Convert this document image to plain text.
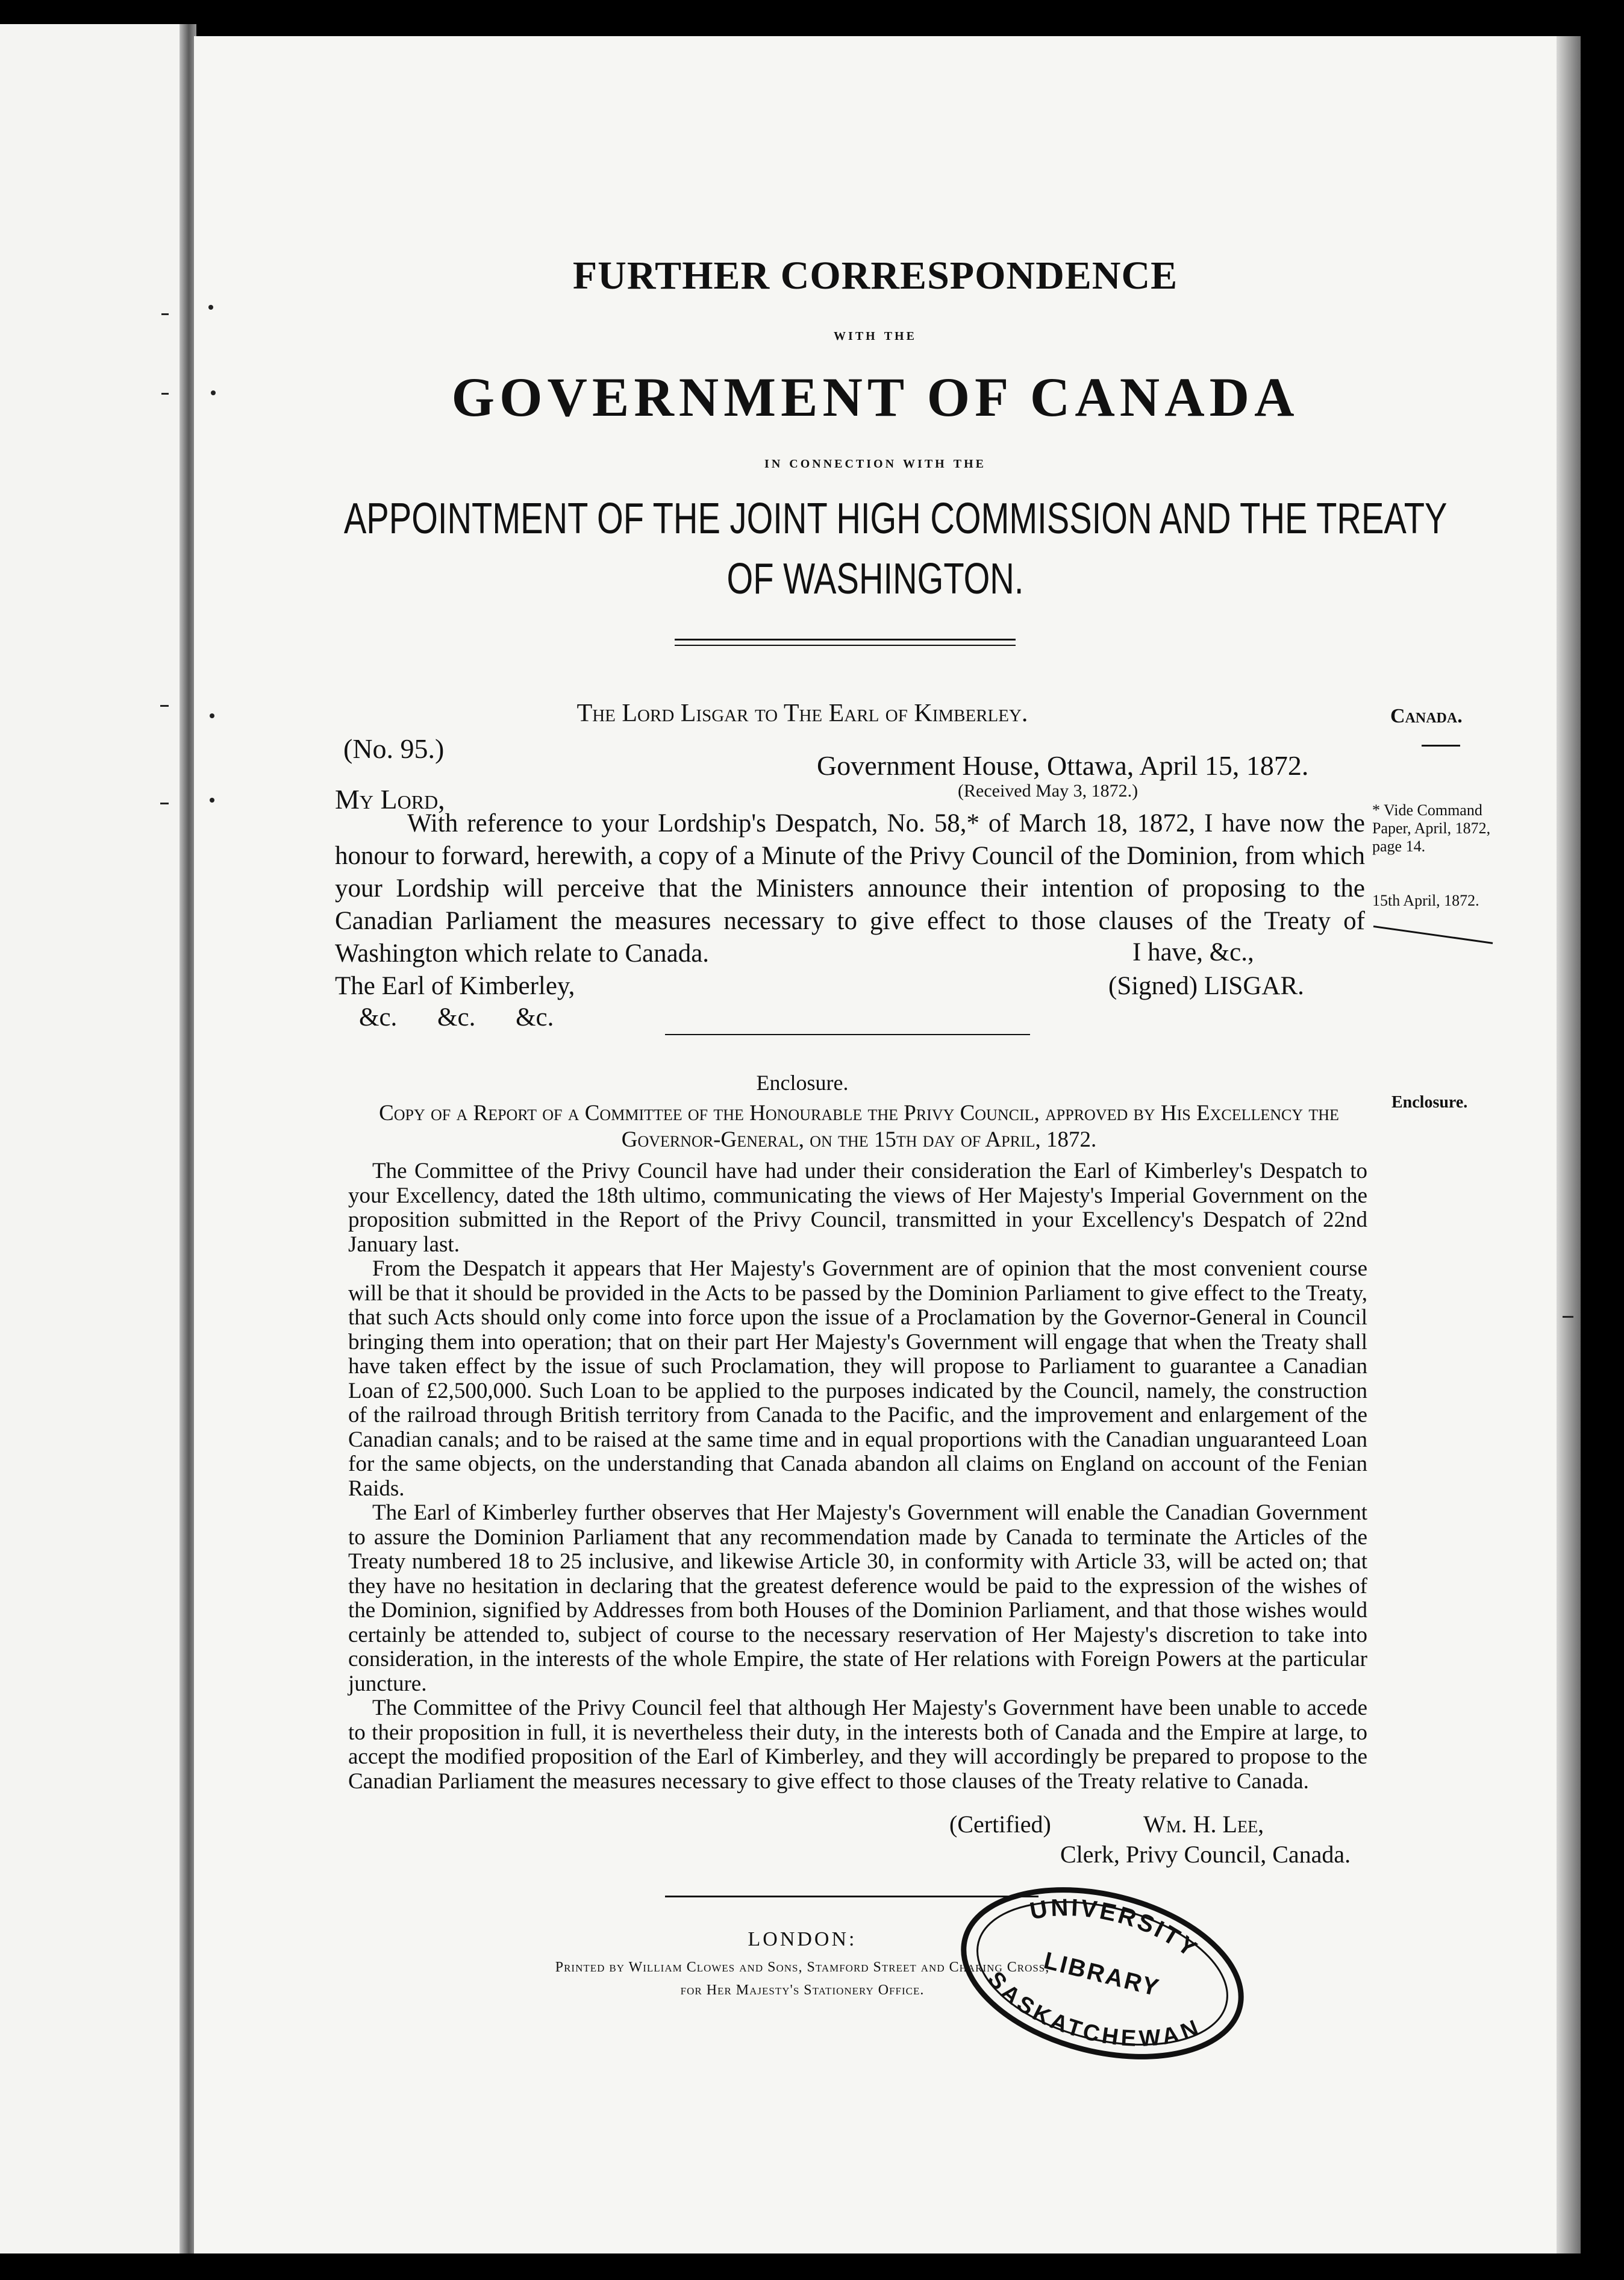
FURTHER CORRESPONDENCE
with the
GOVERNMENT OF CANADA
in connection with the
APPOINTMENT OF THE JOINT HIGH COMMISSION AND THE TREATY
OF WASHINGTON.
The Lord Lisgar to The Earl of Kimberley.	Canada.
(No. 95.)
Government House, Ottawa, April 15, 1872.
(Received May 3, 1872.)
My Lord,
With reference to your Lordship's Despatch, No. 58,* of March 18, 1872, I have now the honour to forward, herewith, a copy of a Minute of the Privy Council of the Dominion, from which your Lordship will perceive that the Ministers announce their intention of proposing to the Canadian Parliament the measures necessary to give effect to those clauses of the Treaty of Washington which relate to Canada.
* Vide Command Paper, April, 1872, page 14.
15th April, 1872.
I have, &c.,
The Earl of Kimberley,	(Signed) LISGAR.
&c. &c. &c.
Enclosure.
Enclosure.
Copy of a Report of a Committee of the Honourable the Privy Council, approved by His Excellency the Governor-General, on the 15th day of April, 1872.

The Committee of the Privy Council have had under their consideration the Earl of Kimberley's Despatch to your Excellency, dated the 18th ultimo, communicating the views of Her Majesty's Imperial Government on the proposition submitted in the Report of the Privy Council, transmitted in your Excellency's Despatch of 22nd January last.

From the Despatch it appears that Her Majesty's Government are of opinion that the most convenient course will be that it should be provided in the Acts to be passed by the Dominion Parliament to give effect to the Treaty, that such Acts should only come into force upon the issue of a Proclamation by the Governor-General in Council bringing them into operation; that on their part Her Majesty's Government will engage that when the Treaty shall have taken effect by the issue of such Proclamation, they will propose to Parliament to guarantee a Canadian Loan of £2,500,000. Such Loan to be applied to the purposes indicated by the Council, namely, the construction of the railroad through British territory from Canada to the Pacific, and the improvement and enlargement of the Canadian canals; and to be raised at the same time and in equal proportions with the Canadian unguaranteed Loan for the same objects, on the understanding that Canada abandon all claims on England on account of the Fenian Raids.

The Earl of Kimberley further observes that Her Majesty's Government will enable the Canadian Government to assure the Dominion Parliament that any recommendation made by Canada to terminate the Articles of the Treaty numbered 18 to 25 inclusive, and likewise Article 30, in conformity with Article 33, will be acted on; that they have no hesitation in declaring that the greatest deference would be paid to the expression of the wishes of the Dominion, signified by Addresses from both Houses of the Dominion Parliament, and that those wishes would certainly be attended to, subject of course to the necessary reservation of Her Majesty's discretion to take into consideration, in the interests of the whole Empire, the state of Her relations with Foreign Powers at the particular juncture.

The Committee of the Privy Council feel that although Her Majesty's Government have been unable to accede to their proposition in full, it is nevertheless their duty, in the interests both of Canada and the Empire at large, to accept the modified proposition of the Earl of Kimberley, and they will accordingly be prepared to propose to the Canadian Parliament the measures necessary to give effect to those clauses of the Treaty relative to Canada.

(Certified)	Wm. H. Lee,
Clerk, Privy Council, Canada.
LONDON:
Printed by William Clowes and Sons, Stamford Street and Charing Cross,
for Her Majesty's Stationery Office.
UNIVERSITY
LIBRARY
SASKATCHEWAN
